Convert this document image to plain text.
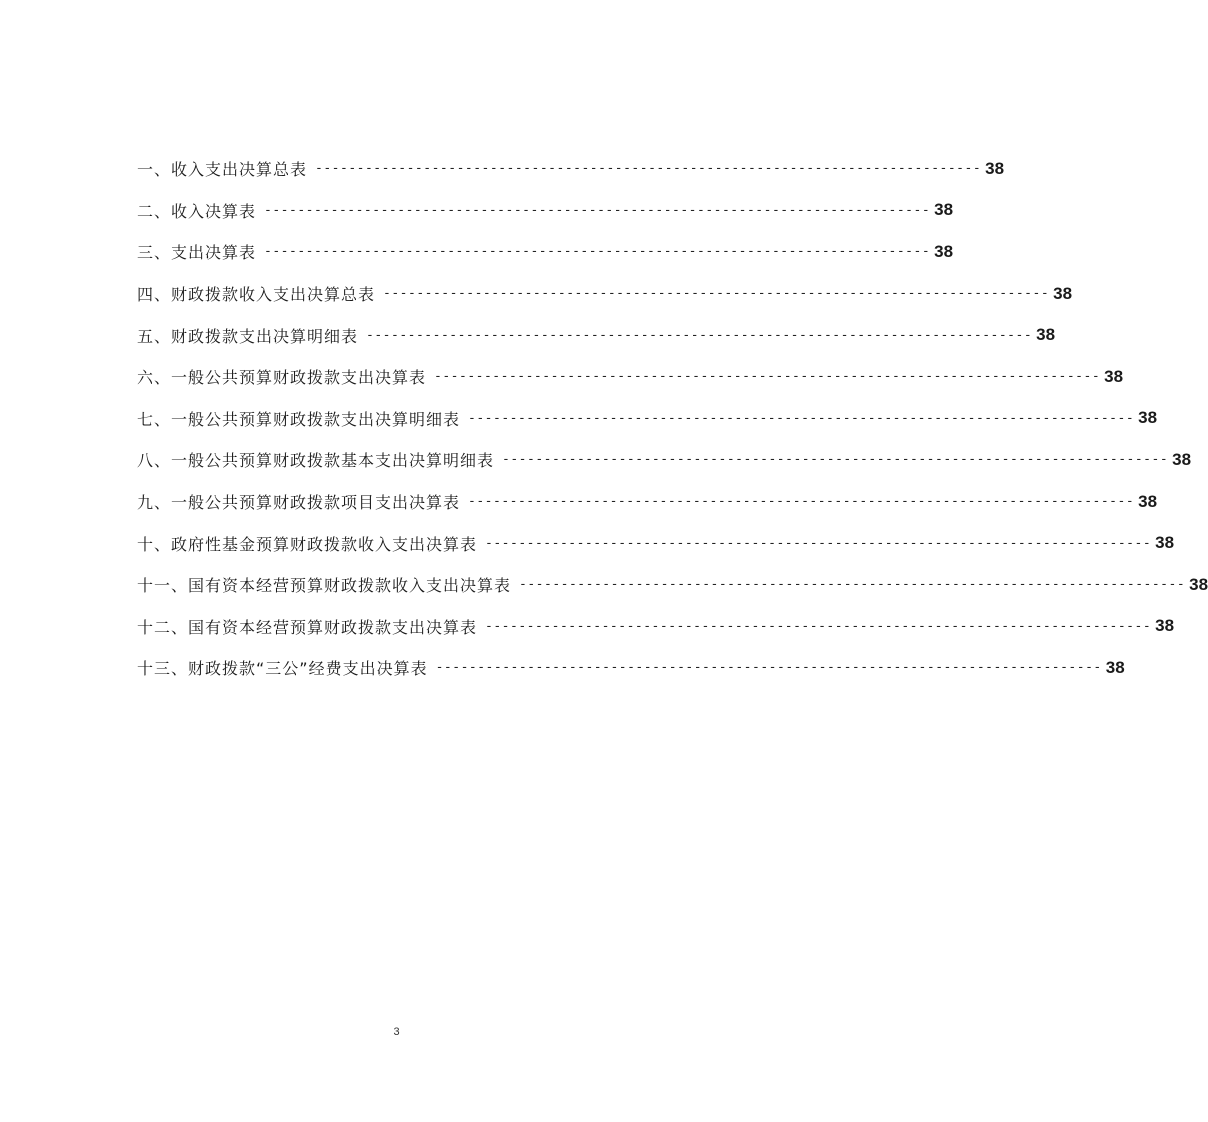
一、收入支出决算总表 -------------------------------------------------------------------------------- 38
二、收入决算表 -------------------------------------------------------------------------------- 38
三、支出决算表 -------------------------------------------------------------------------------- 38
四、财政拨款收入支出决算总表 -------------------------------------------------------------------------------- 38
五、财政拨款支出决算明细表 -------------------------------------------------------------------------------- 38
六、一般公共预算财政拨款支出决算表 -------------------------------------------------------------------------------- 38
七、一般公共预算财政拨款支出决算明细表 -------------------------------------------------------------------------------- 38
八、一般公共预算财政拨款基本支出决算明细表 -------------------------------------------------------------------------------- 38
九、一般公共预算财政拨款项目支出决算表 -------------------------------------------------------------------------------- 38
十、政府性基金预算财政拨款收入支出决算表 -------------------------------------------------------------------------------- 38
十一、国有资本经营预算财政拨款收入支出决算表 -------------------------------------------------------------------------------- 38
十二、国有资本经营预算财政拨款支出决算表 -------------------------------------------------------------------------------- 38
十三、财政拨款“三公”经费支出决算表 -------------------------------------------------------------------------------- 38
3
